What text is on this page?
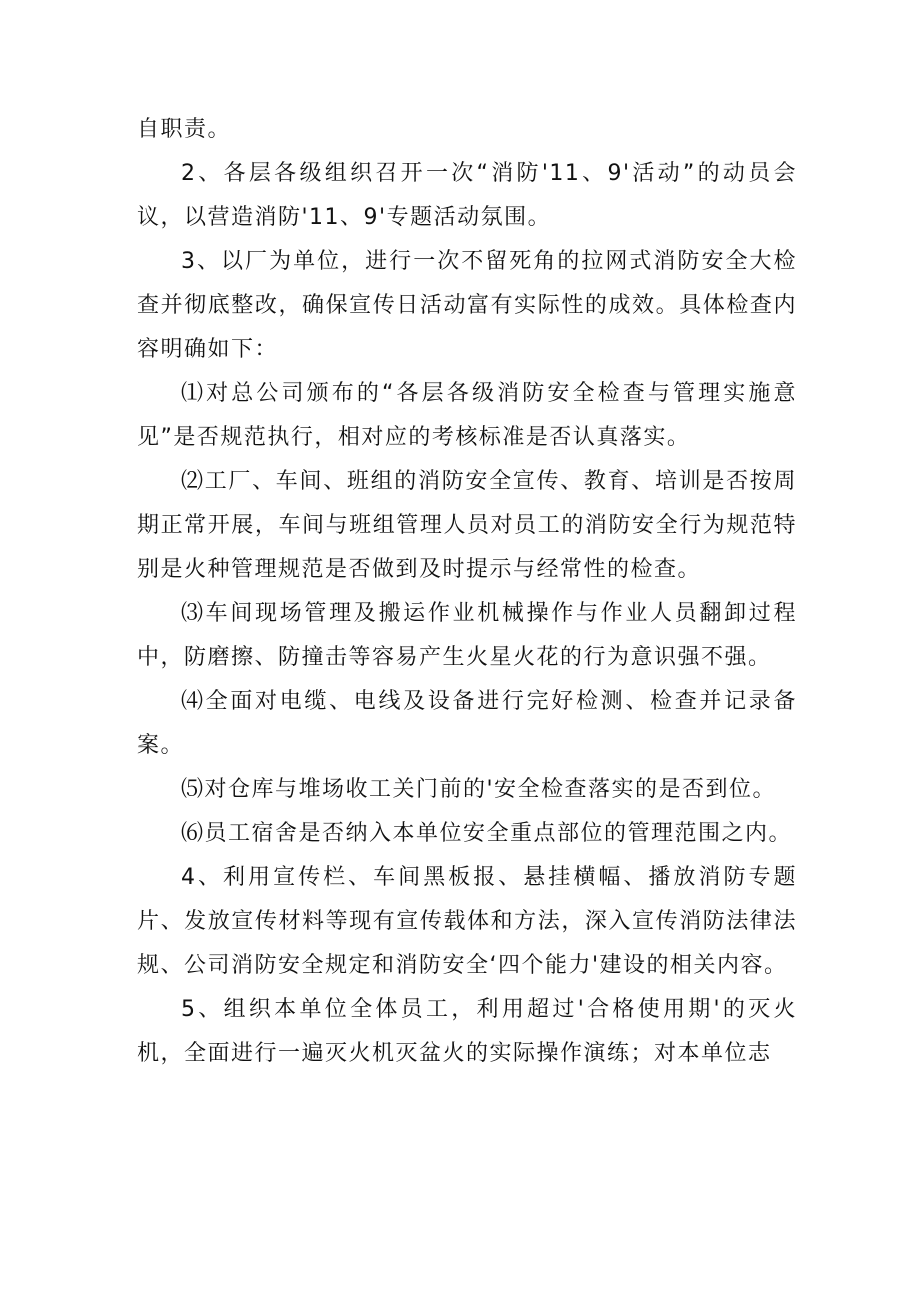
自职责。

2、各层各级组织召开一次“消防'11、9'活动”的动员会议，以营造消防'11、9'专题活动氛围。

3、以厂为单位，进行一次不留死角的拉网式消防安全大检查并彻底整改，确保宣传日活动富有实际性的成效。具体检查内容明确如下：

⑴对总公司颁布的“各层各级消防安全检查与管理实施意见”是否规范执行，相对应的考核标准是否认真落实。

⑵工厂、车间、班组的消防安全宣传、教育、培训是否按周期正常开展，车间与班组管理人员对员工的消防安全行为规范特别是火种管理规范是否做到及时提示与经常性的检查。

⑶车间现场管理及搬运作业机械操作与作业人员翻卸过程中，防磨擦、防撞击等容易产生火星火花的行为意识强不强。

⑷全面对电缆、电线及设备进行完好检测、检查并记录备案。

⑸对仓库与堆场收工关门前的'安全检查落实的是否到位。

⑹员工宿舍是否纳入本单位安全重点部位的管理范围之内。

4、利用宣传栏、车间黑板报、悬挂横幅、播放消防专题片、发放宣传材料等现有宣传载体和方法，深入宣传消防法律法规、公司消防安全规定和消防安全‘四个能力'建设的相关内容。

5、组织本单位全体员工，利用超过'合格使用期'的灭火机，全面进行一遍灭火机灭盆火的实际操作演练；对本单位志
